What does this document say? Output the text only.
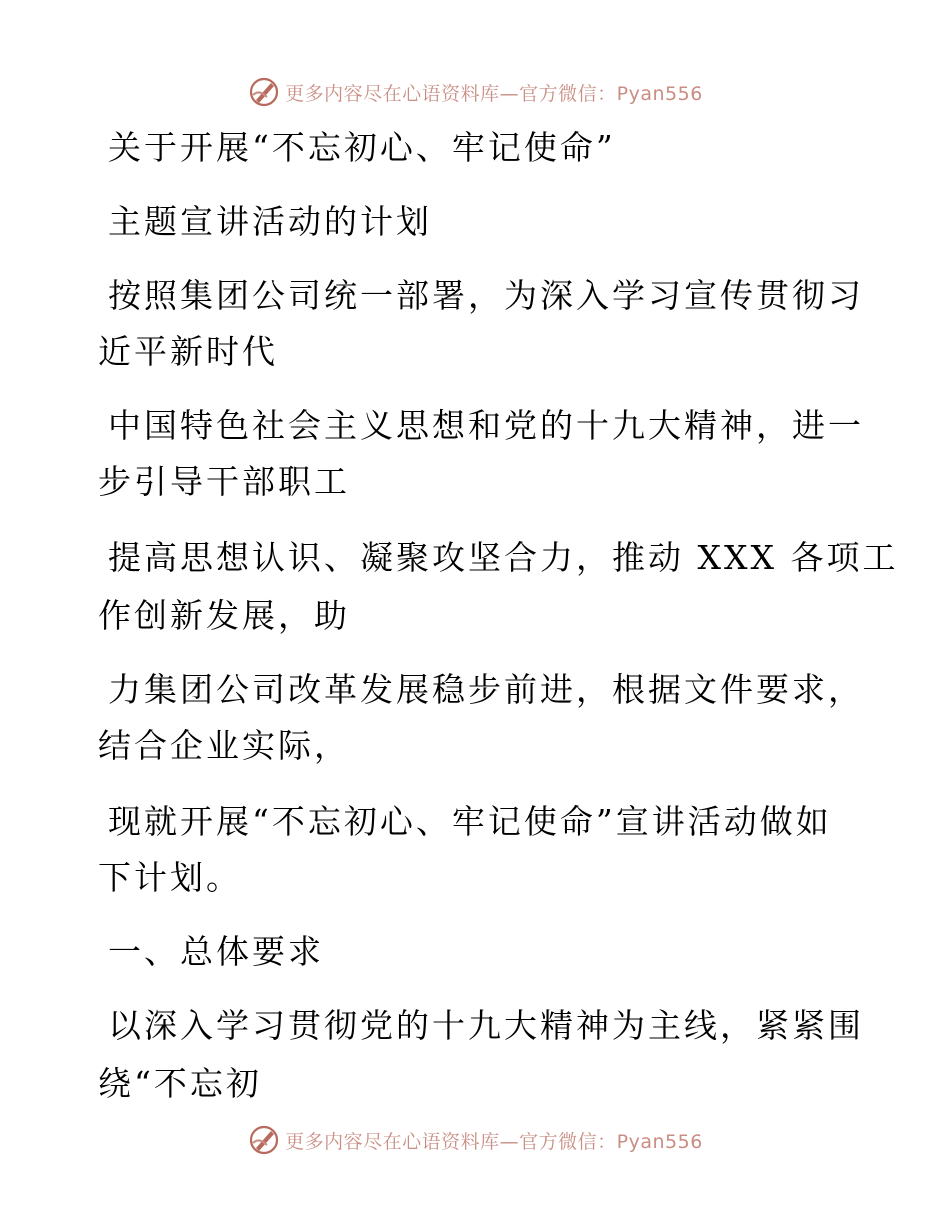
更多内容尽在心语资料库—官方微信：Pyan556
关于开展“不忘初心、牢记使命”
主题宣讲活动的计划
按照集团公司统一部署，为深入学习宣传贯彻习
近平新时代
中国特色社会主义思想和党的十九大精神，进一
步引导干部职工
提高思想认识、凝聚攻坚合力，推动 XXX 各项工
作创新发展，助
力集团公司改革发展稳步前进，根据文件要求，
结合企业实际，
现就开展“不忘初心、牢记使命”宣讲活动做如
下计划。
一、总体要求
以深入学习贯彻党的十九大精神为主线，紧紧围
绕“不忘初
更多内容尽在心语资料库—官方微信：Pyan556
